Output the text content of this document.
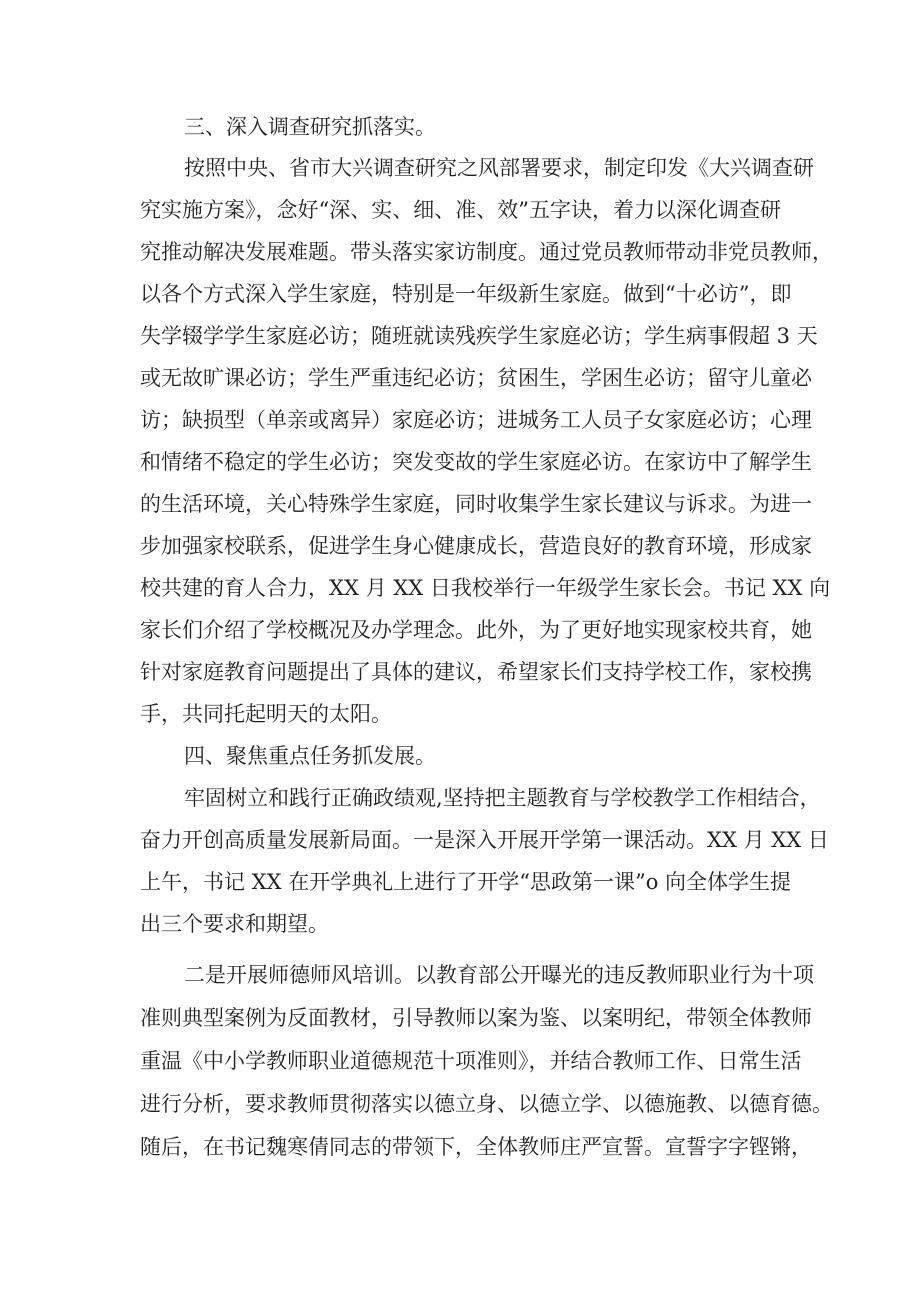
三、深入调查研究抓落实。
按照中央、省市大兴调查研究之风部署要求，制定印发《大兴调查研
究实施方案》，念好“深、实、细、准、效”五字诀，着力以深化调查研
究推动解决发展难题。带头落实家访制度。通过党员教师带动非党员教师，
以各个方式深入学生家庭，特别是一年级新生家庭。做到“十必访”，即
失学辍学学生家庭必访；随班就读残疾学生家庭必访；学生病事假超 3 天
或无故旷课必访；学生严重违纪必访；贫困生，学困生必访；留守儿童必
访；缺损型（单亲或离异）家庭必访；进城务工人员子女家庭必访；心理
和情绪不稳定的学生必访；突发变故的学生家庭必访。在家访中了解学生
的生活环境，关心特殊学生家庭，同时收集学生家长建议与诉求。为进一
步加强家校联系，促进学生身心健康成长，营造良好的教育环境，形成家
校共建的育人合力，XX 月 XX 日我校举行一年级学生家长会。书记 XX 向
家长们介绍了学校概况及办学理念。此外，为了更好地实现家校共育，她
针对家庭教育问题提出了具体的建议，希望家长们支持学校工作，家校携
手，共同托起明天的太阳。
四、聚焦重点任务抓发展。
牢固树立和践行正确政绩观,坚持把主题教育与学校教学工作相结合，
奋力开创高质量发展新局面。一是深入开展开学第一课活动。XX 月 XX 日
上午，书记 XX 在开学典礼上进行了开学“思政第一课”o 向全体学生提
出三个要求和期望。
二是开展师德师风培训。以教育部公开曝光的违反教师职业行为十项
准则典型案例为反面教材，引导教师以案为鉴、以案明纪，带领全体教师
重温《中小学教师职业道德规范十项准则》，并结合教师工作、日常生活
进行分析，要求教师贯彻落实以德立身、以德立学、以德施教、以德育德。
随后，在书记魏寒倩同志的带领下，全体教师庄严宣誓。宣誓字字铿锵，
